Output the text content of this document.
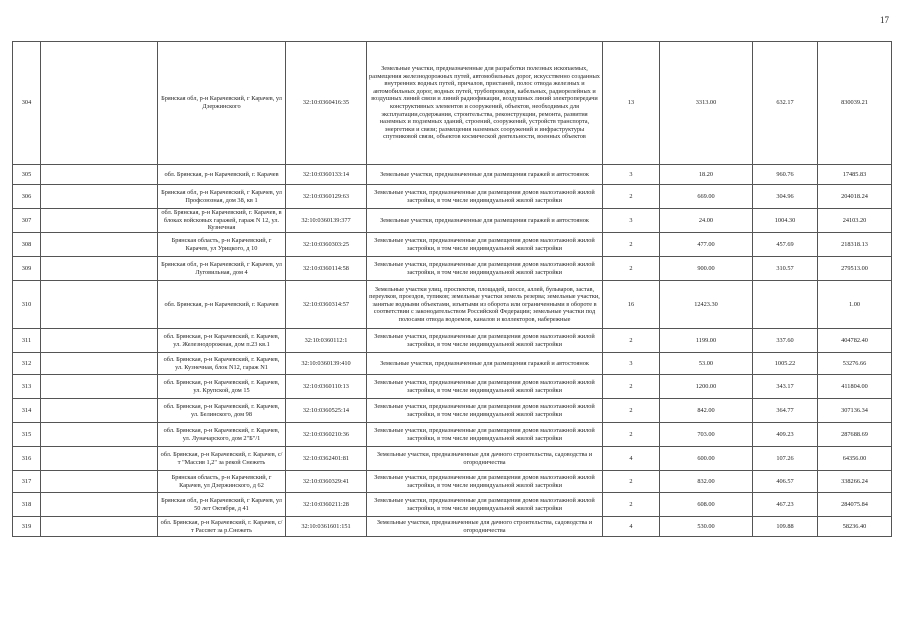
17
304		Брянская обл, р-н Карачевский, г Карачев, ул Дзержинского	32:10:0360416:35	Земельные участки, предназначенные для разработки полезных ископаемых, размещения железнодорожных путей, автомобильных дорог, искусственно созданных внутренних водных путей, причалов, пристаней, полос отвода железных и автомобильных дорог, водных путей, трубопроводов, кабельных, радиорелейных и воздушных линий связи и линий радиофикации, воздушных линий электропередачи конструктивных элементов и сооружений, объектов, необходимых для эксплуатации,содержания, строительства, реконструкции, ремонта, развития наземных и подземных зданий, строений, сооружений, устройств транспорта, энергетики и связи; размещения наземных сооружений и инфраструктуры спутниковой связи, объектов космической деятельности, военных объектов	13	3313.00	632.17	830039.21
305		обл. Брянская, р-н Карачевский, г. Карачев	32:10:0360133:14	Земельные участки, предназначенные для размещения гаражей и автостоянок	3	18.20	960.76	17485.83
306		Брянская обл, р-н Карачевский, г Карачев, ул Профсоюзная, дом 38, кв 1	32:10:0360129:63	Земельные участки, предназначенные для размещения домов малоэтажной жилой застройки, в том числе индивидуальной жилой застройки	2	669.00	304.96	204018.24
307		обл. Брянская, р-н Карачевский, г. Карачев, в блоках войсковых гаражей, гараж N 12, ул. Кузнечная	32:10:0360139:377	Земельные участки, предназначенные для размещения гаражей и автостоянок	3	24.00	1004.30	24103.20
308		Брянская область, р-н Карачевский, г Карачев, ул Урицкого, д 10	32:10:0360303:25	Земельные участки, предназначенные для размещения домов малоэтажной жилой застройки, в том числе индивидуальной жилой застройки	2	477.00	457.69	218318.13
309		Брянская обл, р-н Карачевский, г Карачев, ул Луговильная, дом 4	32:10:0360114:58	Земельные участки, предназначенные для размещения домов малоэтажной жилой застройки, в том числе индивидуальной жилой застройки	2	900.00	310.57	279513.00
310		обл. Брянская, р-н Карачевский, г. Карачев	32:10:0360314:57	Земельные участки улиц, проспектов, площадей, шоссе, аллей, бульваров, застав, переулков, проездов, тупиков; земельные участки земель резерва; земельные участки, занятые водными объектами, изъятыми из оборота или ограниченными в обороте в соответствии с законодательством Российской Федерации; земельные участки под полосами отвода водоемов, каналов и коллекторов, набережные	16	12423.30		1.00
311		обл. Брянская, р-н Карачевский, г. Карачев, ул. Железнодорожная, дом п.23 кв.1	32:10:0360112:1	Земельные участки, предназначенные для размещения домов малоэтажной жилой застройки, в том числе индивидуальной жилой застройки	2	1199.00	337.60	404782.40
312		обл. Брянская, р-н Карачевский, г. Карачев, ул. Кузнечная, блок N12, гараж N1	32:10:0360139:410	Земельные участки, предназначенные для размещения гаражей и автостоянок	3	53.00	1005.22	53276.66
313		обл. Брянская, р-н Карачевский, г. Карачев, ул. Крупской, дом 15	32:10:0360110:13	Земельные участки, предназначенные для размещения домов малоэтажной жилой застройки, в том числе индивидуальной жилой застройки	2	1200.00	343.17	411804.00
314		обл. Брянская, р-н Карачевский, г. Карачев, ул. Белинского, дом 98	32:10:0360525:14	Земельные участки, предназначенные для размещения домов малоэтажной жилой застройки, в том числе индивидуальной жилой застройки	2	842.00	364.77	307136.34
315		обл. Брянская, р-н Карачевский, г. Карачев, ул. Луначарского, дом 2"Б"/1	32:10:0360210:36	Земельные участки, предназначенные для размещения домов малоэтажной жилой застройки, в том числе индивидуальной жилой застройки	2	703.00	409.23	287688.69
316		обл. Брянская, р-н Карачевский, г. Карачев, с/т "Массив 1,2" за рекой Снежеть	32:10:0362401:81	Земельные участки, предназначенные для дачного строительства, садоводства и огородничества	4	600.00	107.26	64356.00
317		Брянская область, р-н Карачевский, г Карачев, ул Дзержинского, д 62	32:10:0360329:41	Земельные участки, предназначенные для размещения домов малоэтажной жилой застройки, в том числе индивидуальной жилой застройки	2	832.00	406.57	338266.24
318		Брянская обл, р-н Карачевский, г Карачев, ул 50 лет Октября, д 41	32:10:0360211:28	Земельные участки, предназначенные для размещения домов малоэтажной жилой застройки, в том числе индивидуальной жилой застройки	2	608.00	467.23	284075.84
319		обл. Брянская, р-н Карачевский, г. Карачев, с/т Рассвет за р.Снежеть	32:10:0361601:151	Земельные участки, предназначенные для дачного строительства, садоводства и огородничества	4	530.00	109.88	58236.40
